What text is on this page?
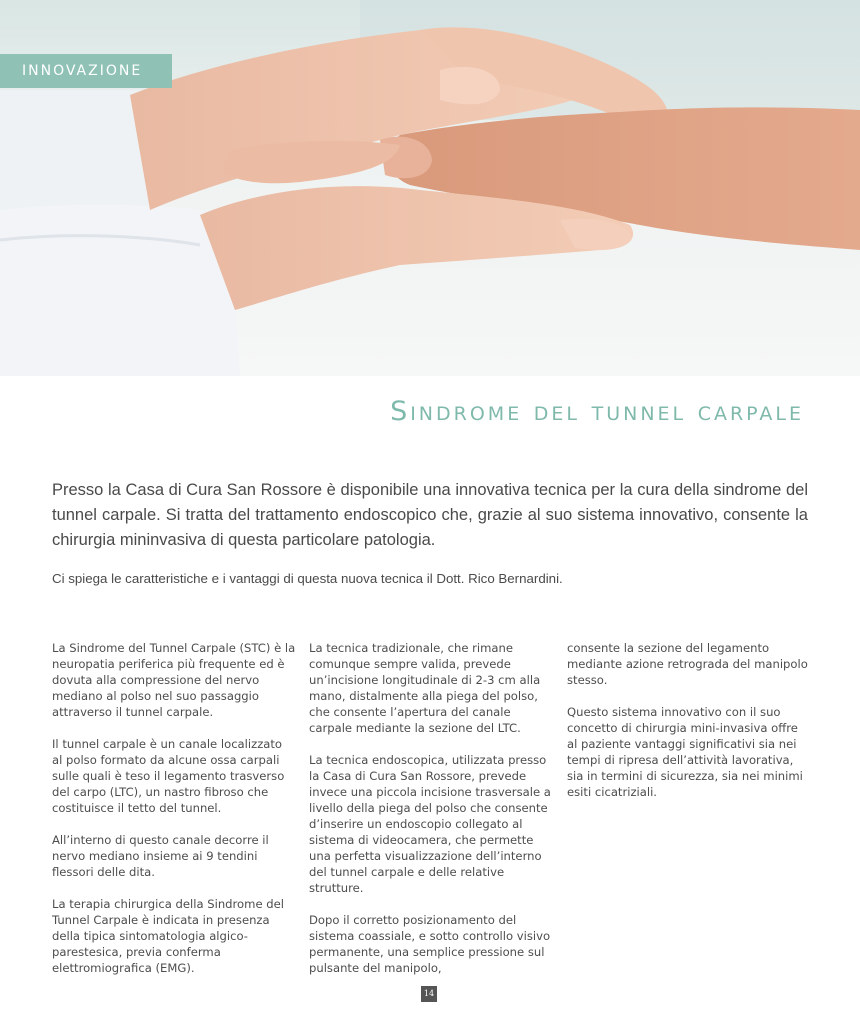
INNOVAZIONE
Sindrome del tunnel carpale

Presso la Casa di Cura San Rossore è disponibile una innovativa tecnica per la cura della sindrome del tunnel carpale. Si tratta del trattamento endoscopico che, grazie al suo sistema innovativo, consente la chirurgia mininvasiva di questa particolare patologia.

Ci spiega le caratteristiche e i vantaggi di questa nuova tecnica il Dott. Rico Bernardini.

La Sindrome del Tunnel Carpale (STC) è la neuropatia periferica più frequente ed è dovuta alla compressione del nervo mediano al polso nel suo passaggio attraverso il tunnel carpale.

Il tunnel carpale è un canale localizzato al polso formato da alcune ossa carpali sulle quali è teso il legamento trasverso del carpo (LTC), un nastro fibroso che costituisce il tetto del tunnel.

All’interno di questo canale decorre il nervo mediano insieme ai 9 tendini flessori delle dita.

La terapia chirurgica della Sindrome del Tunnel Carpale è indicata in presenza della tipica sintomatologia algico-parestesica, previa conferma elettromiografica (EMG).

La tecnica tradizionale, che rimane comunque sempre valida, prevede un’incisione longitudinale di 2-3 cm alla mano, distalmente alla piega del polso, che consente l’apertura del canale carpale mediante la sezione del LTC.

La tecnica endoscopica, utilizzata presso la Casa di Cura San Rossore, prevede invece una piccola incisione trasversale a livello della piega del polso che consente d’inserire un endoscopio collegato al sistema di videocamera, che permette una perfetta visualizzazione dell’interno del tunnel carpale e delle relative strutture.

Dopo il corretto posizionamento del sistema coassiale, e sotto controllo visivo permanente, una semplice pressione sul pulsante del manipolo,

consente la sezione del legamento mediante azione retrograda del manipolo stesso.

Questo sistema innovativo con il suo concetto di chirurgia mini-invasiva offre al paziente vantaggi significativi sia nei tempi di ripresa dell’attività lavorativa, sia in termini di sicurezza, sia nei minimi esiti cicatriziali.

14
